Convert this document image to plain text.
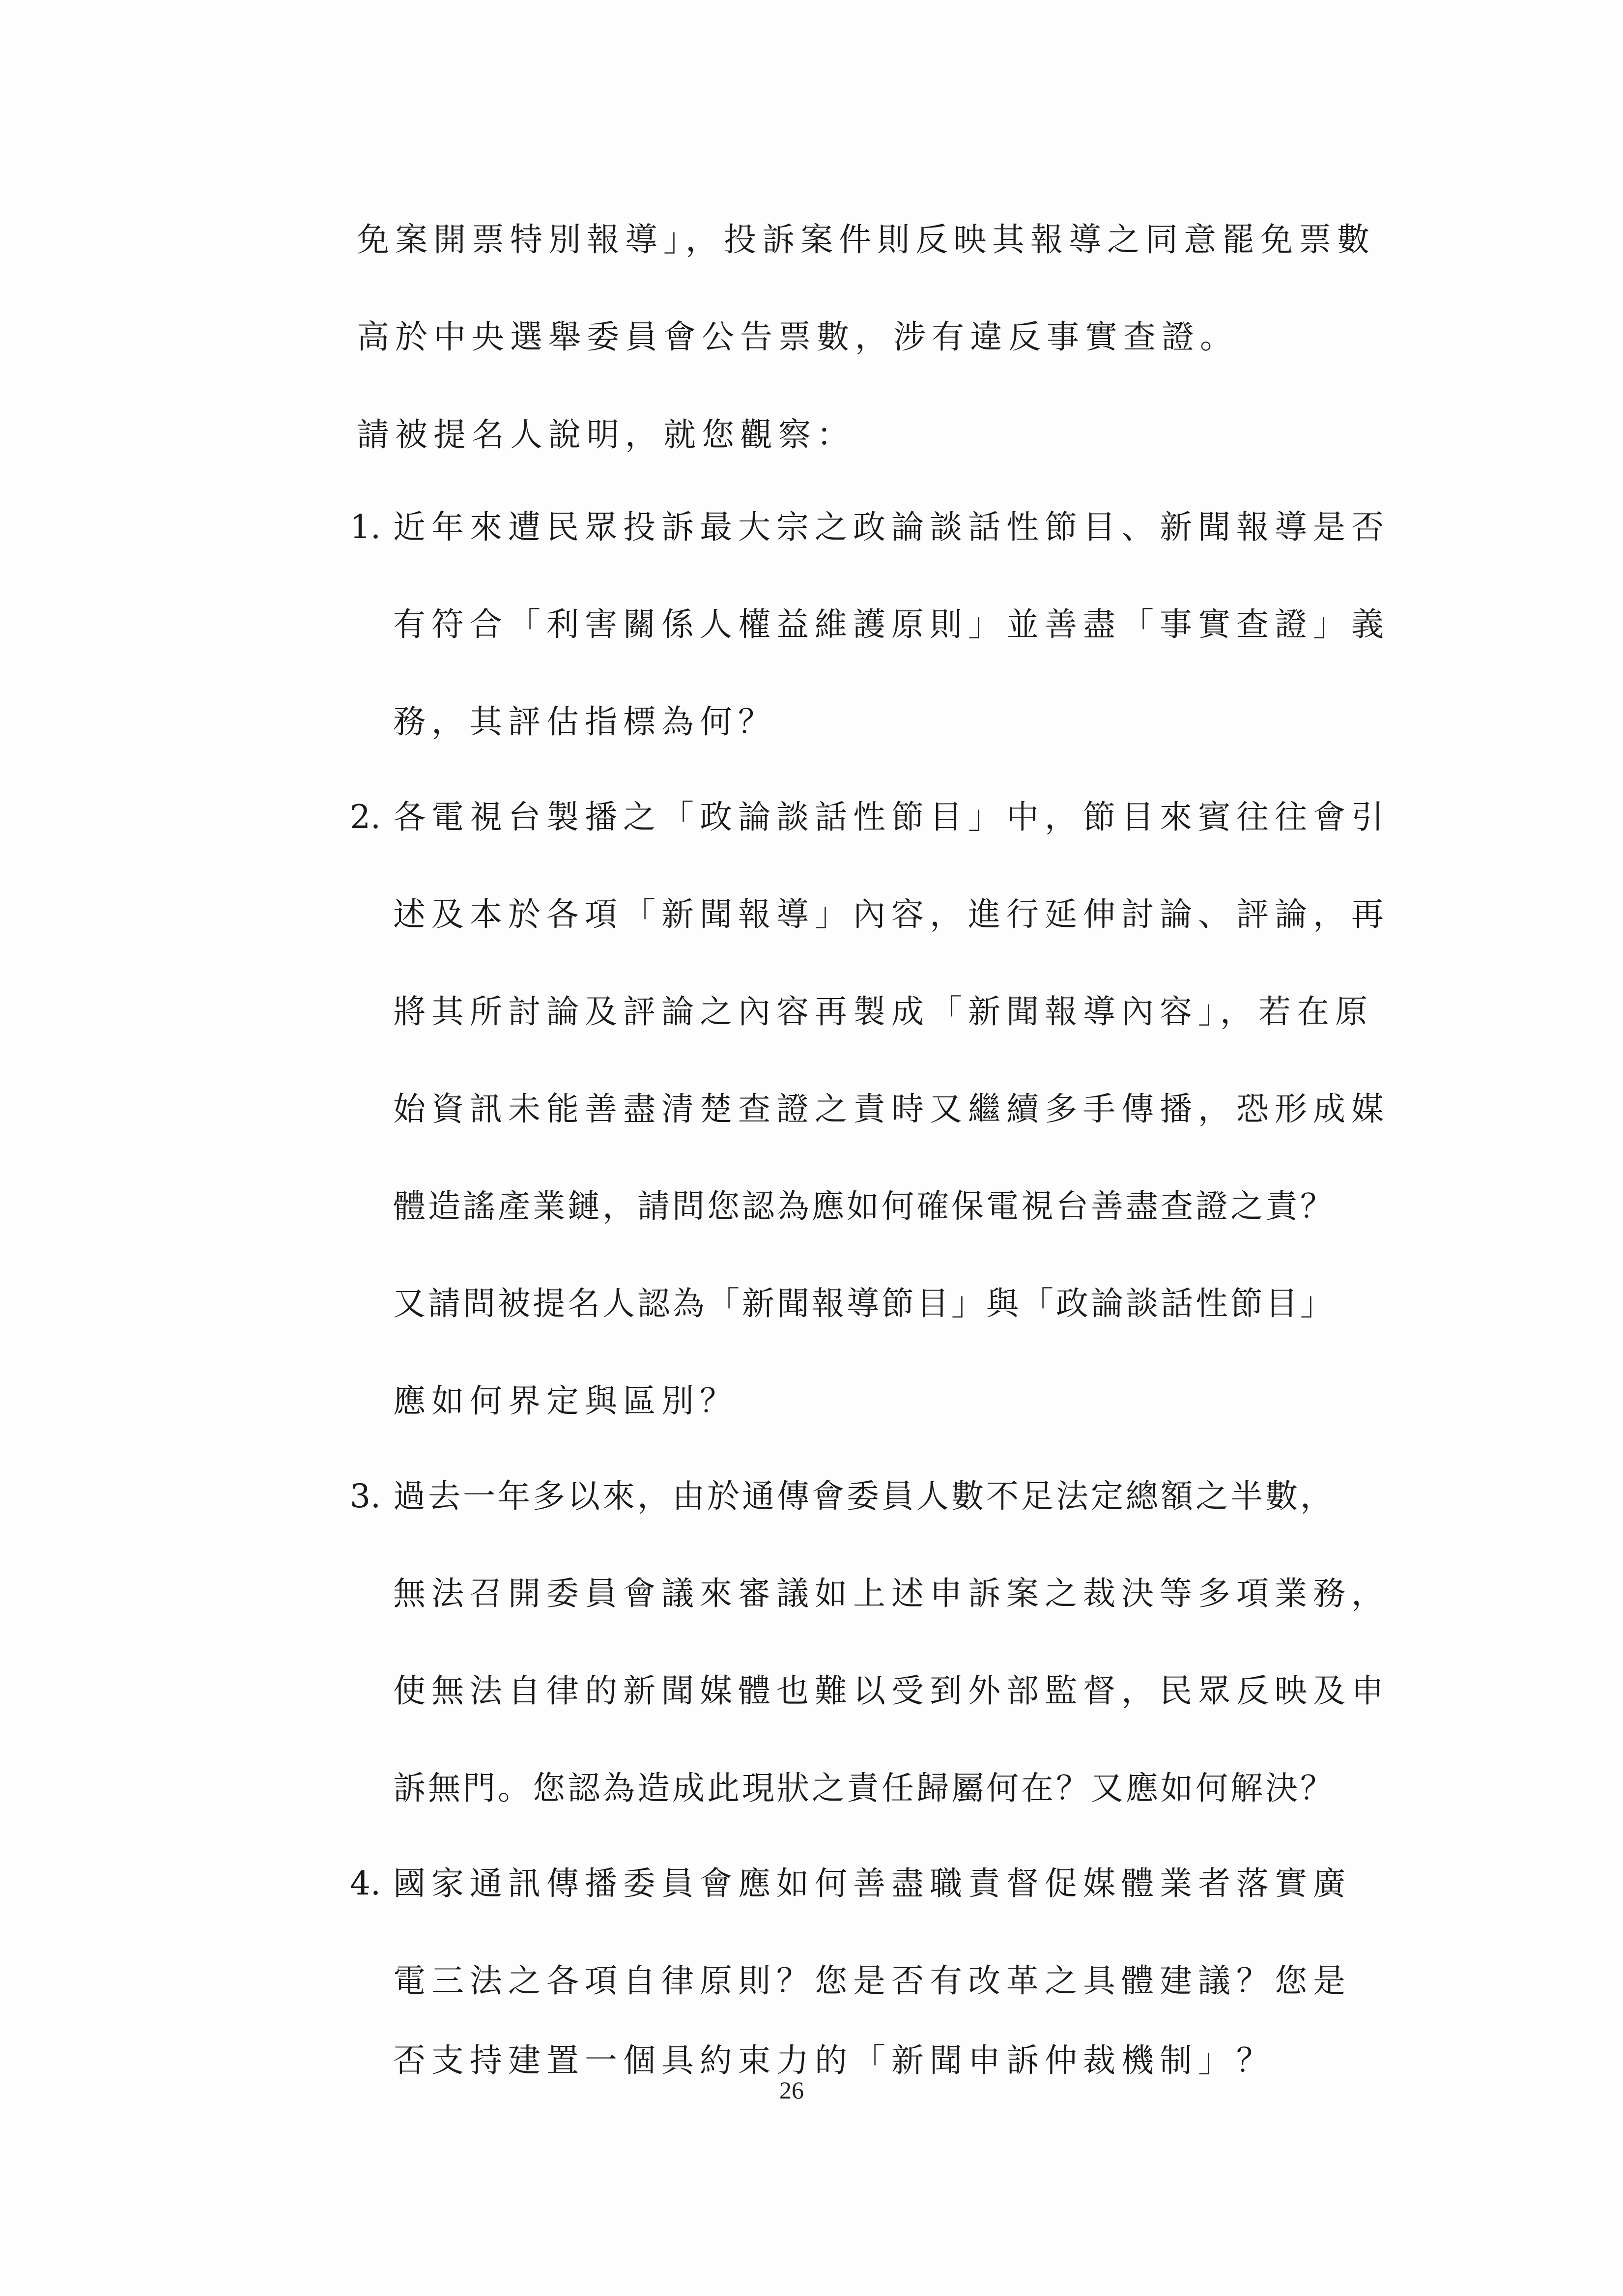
免案開票特別報導」，投訴案件則反映其報導之同意罷免票數
高於中央選舉委員會公告票數，涉有違反事實查證。
請被提名人說明，就您觀察：
1. 近年來遭民眾投訴最大宗之政論談話性節目、新聞報導是否
有符合「利害關係人權益維護原則」並善盡「事實查證」義
務，其評估指標為何？
2. 各電視台製播之「政論談話性節目」中，節目來賓往往會引
述及本於各項「新聞報導」內容，進行延伸討論、評論，再
將其所討論及評論之內容再製成「新聞報導內容」，若在原
始資訊未能善盡清楚查證之責時又繼續多手傳播，恐形成媒
體造謠產業鏈，請問您認為應如何確保電視台善盡查證之責？
又請問被提名人認為「新聞報導節目」與「政論談話性節目」
應如何界定與區別？
3. 過去一年多以來，由於通傳會委員人數不足法定總額之半數，
無法召開委員會議來審議如上述申訴案之裁決等多項業務，
使無法自律的新聞媒體也難以受到外部監督，民眾反映及申
訴無門。您認為造成此現狀之責任歸屬何在？又應如何解決？
4. 國家通訊傳播委員會應如何善盡職責督促媒體業者落實廣
電三法之各項自律原則？您是否有改革之具體建議？您是
否支持建置一個具約束力的「新聞申訴仲裁機制」？
26
